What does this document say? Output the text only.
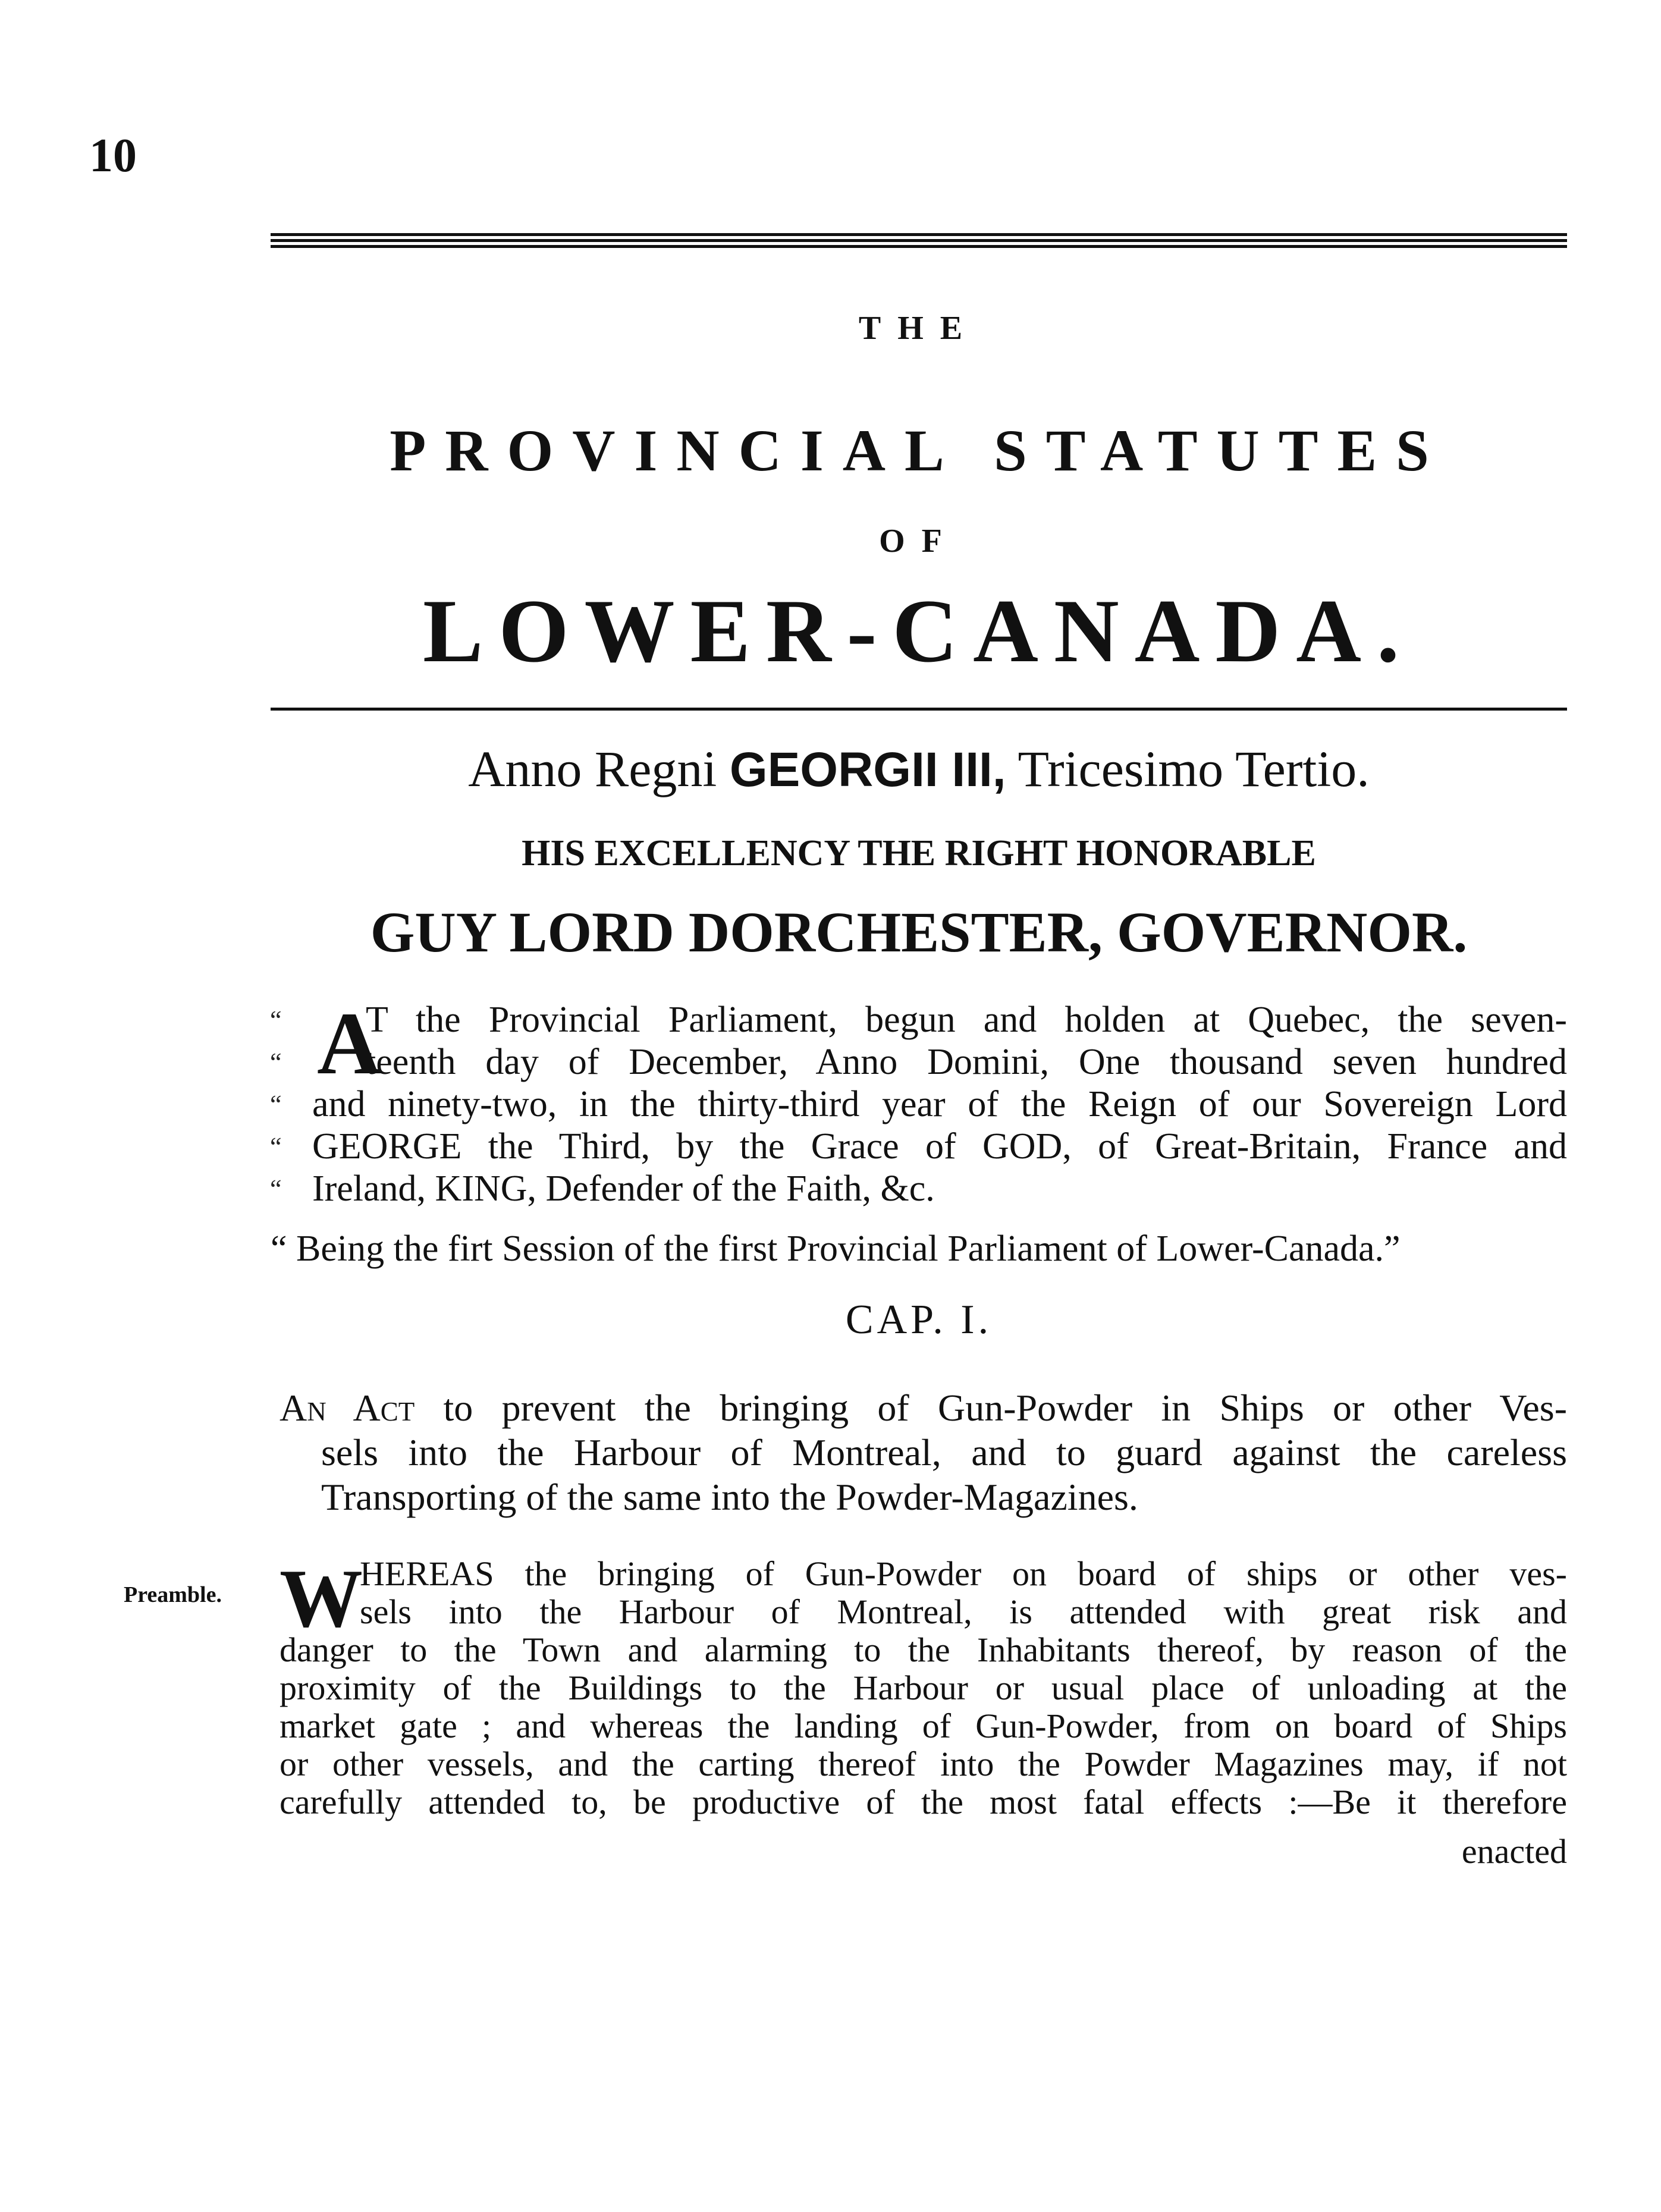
10
THE
PROVINCIAL STATUTES
OF
LOWER-CANADA.
Anno Regni GEORGII III, Tricesimo Tertio.
HIS EXCELLENCY THE RIGHT HONORABLE
GUY LORD DORCHESTER, GOVERNOR.
“
“
“
“
“
A
T the Provincial Parliament, begun and holden at Quebec, the seven-
teenth day of December, Anno Domini, One thousand seven hundred
and ninety-two, in the thirty-third year of the Reign of our Sovereign Lord
GEORGE the Third, by the Grace of GOD, of Great-Britain, France and
Ireland, KING, Defender of the Faith, &c.
“ Being the firt Session of the first Provincial Parliament of Lower-Canada.”
CAP. I.
An Act to prevent the bringing of Gun-Powder in Ships or other Ves-
sels into the Harbour of Montreal, and to guard against the careless
Transporting of the same into the Powder-Magazines.
Preamble. W
HEREAS the bringing of Gun-Powder on board of ships or other ves-
sels into the Harbour of Montreal, is attended with great risk and
danger to the Town and alarming to the Inhabitants thereof, by reason of the
proximity of the Buildings to the Harbour or usual place of unloading at the
market gate ; and whereas the landing of Gun-Powder, from on board of Ships
or other vessels, and the carting thereof into the Powder Magazines may, if not
carefully attended to, be productive of the most fatal effects :—Be it therefore
enacted
